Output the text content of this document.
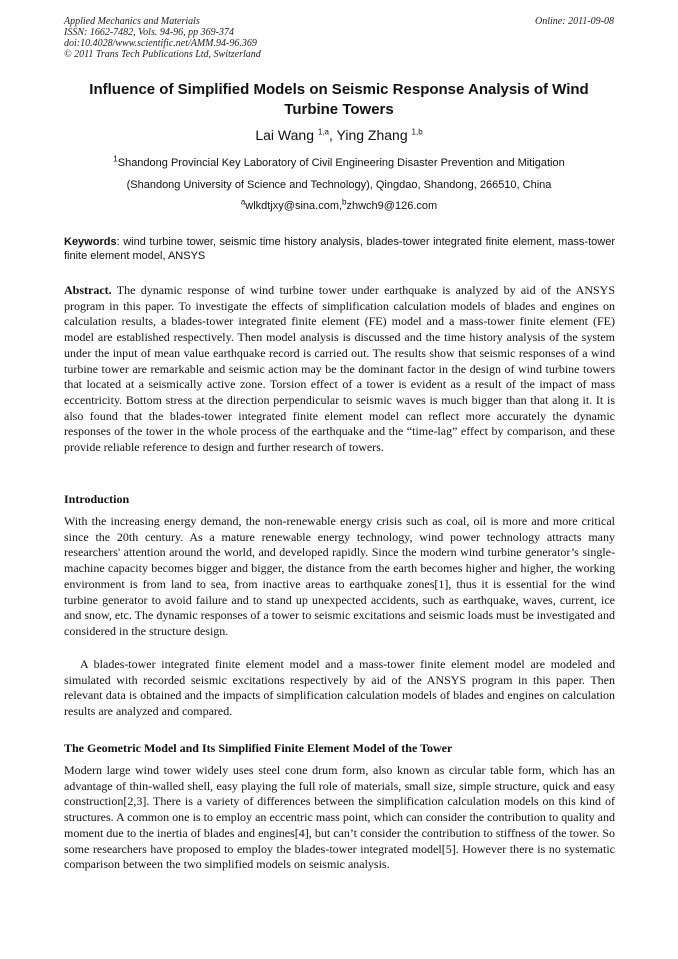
Applied Mechanics and Materials
ISSN: 1662-7482, Vols. 94-96, pp 369-374
doi:10.4028/www.scientific.net/AMM.94-96.369
© 2011 Trans Tech Publications Ltd, Switzerland
Online: 2011-09-08
Influence of Simplified Models on Seismic Response Analysis of Wind Turbine Towers
Lai Wang $^{1,a}$, Ying Zhang $^{1,b}$
$^1$Shandong Provincial Key Laboratory of Civil Engineering Disaster Prevention and Mitigation
(Shandong University of Science and Technology), Qingdao, Shandong, 266510, China
$^a$wlkdtjxy@sina.com,$^b$zhwch9@126.com
Keywords: wind turbine tower, seismic time history analysis, blades-tower integrated finite element, mass-tower finite element model, ANSYS
Abstract. The dynamic response of wind turbine tower under earthquake is analyzed by aid of the ANSYS program in this paper. To investigate the effects of simplification calculation models of blades and engines on calculation results, a blades-tower integrated finite element (FE) model and a mass-tower finite element (FE) model are established respectively. Then model analysis is discussed and the time history analysis of the system under the input of mean value earthquake record is carried out. The results show that seismic responses of a wind turbine tower are remarkable and seismic action may be the dominant factor in the design of wind turbine towers that located at a seismically active zone. Torsion effect of a tower is evident as a result of the impact of mass eccentricity. Bottom stress at the direction perpendicular to seismic waves is much bigger than that along it. It is also found that the blades-tower integrated finite element model can reflect more accurately the dynamic responses of the tower in the whole process of the earthquake and the “time-lag” effect by comparison, and these provide reliable reference to design and further research of towers.
Introduction
With the increasing energy demand, the non-renewable energy crisis such as coal, oil is more and more critical since the 20th century. As a mature renewable energy technology, wind power technology attracts many researchers' attention around the world, and developed rapidly. Since the modern wind turbine generator’s single-machine capacity becomes bigger and bigger, the distance from the earth becomes higher and higher, the working environment is from land to sea, from inactive areas to earthquake zones[1], thus it is essential for the wind turbine generator to avoid failure and to stand up unexpected accidents, such as earthquake, waves, current, ice and snow, etc. The dynamic responses of a tower to seismic excitations and seismic loads must be investigated and considered in the structure design.
A blades-tower integrated finite element model and a mass-tower finite element model are modeled and simulated with recorded seismic excitations respectively by aid of the ANSYS program in this paper. Then relevant data is obtained and the impacts of simplification calculation models of blades and engines on calculation results are analyzed and compared.
The Geometric Model and Its Simplified Finite Element Model of the Tower
Modern large wind tower widely uses steel cone drum form, also known as circular table form, which has an advantage of thin-walled shell, easy playing the full role of materials, small size, simple structure, quick and easy construction[2,3]. There is a variety of differences between the simplification calculation models on this kind of structures. A common one is to employ an eccentric mass point, which can consider the contribution to quality and moment due to the inertia of blades and engines[4], but can’t consider the contribution to stiffness of the tower. So some researchers have proposed to employ the blades-tower integrated model[5]. However there is no systematic comparison between the two simplified models on seismic analysis.
